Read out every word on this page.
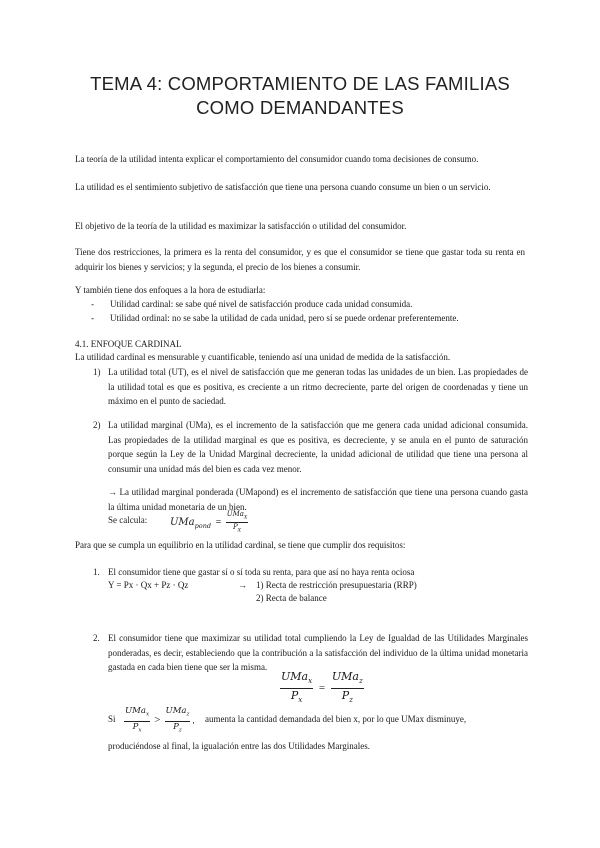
TEMA 4: COMPORTAMIENTO DE LAS FAMILIAS
COMO DEMANDANTES
La teoría de la utilidad intenta explicar el comportamiento del consumidor cuando toma decisiones de consumo.
La utilidad es el sentimiento subjetivo de satisfacción que tiene una persona cuando consume un bien o un servicio.
El objetivo de la teoría de la utilidad es maximizar la satisfacción o utilidad del consumidor.
Tiene dos restricciones, la primera es la renta del consumidor, y es que el consumidor se tiene que gastar toda su renta en adquirir los bienes y servicios; y la segunda, el precio de los bienes a consumir.
Y también tiene dos enfoques a la hora de estudiarla:
- Utilidad cardinal: se sabe qué nivel de satisfacción produce cada unidad consumida.
- Utilidad ordinal: no se sabe la utilidad de cada unidad, pero sí se puede ordenar preferentemente.
4.1. ENFOQUE CARDINAL
La utilidad cardinal es mensurable y cuantificable, teniendo así una unidad de medida de la satisfacción.
1) La utilidad total (UT), es el nivel de satisfacción que me generan todas las unidades de un bien. Las propiedades de la utilidad total es que es positiva, es creciente a un ritmo decreciente, parte del origen de coordenadas y tiene un máximo en el punto de saciedad.
2) La utilidad marginal (UMa), es el incremento de la satisfacción que me genera cada unidad adicional consumida. Las propiedades de la utilidad marginal es que es positiva, es decreciente, y se anula en el punto de saturación porque según la Ley de la Unidad Marginal decreciente, la unidad adicional de utilidad que tiene una persona al consumir una unidad más del bien es cada vez menor.
→ La utilidad marginal ponderada (UMapond) es el incremento de satisfacción que tiene una persona cuando gasta la última unidad monetaria de un bien.
Se calcula: $UMa_{pond} = \frac{UMa_X}{P_X}$
Para que se cumpla un equilibrio en la utilidad cardinal, se tiene que cumplir dos requisitos:
1. El consumidor tiene que gastar sí o sí toda su renta, para que así no haya renta ociosa
Y = Px · Qx + Pz · Qz	→ 1) Recta de restricción presupuestaria (RRP)
2) Recta de balance
2. El consumidor tiene que maximizar su utilidad total cumpliendo la Ley de Igualdad de las Utilidades Marginales ponderadas, es decir, estableciendo que la contribución a la satisfacción del individuo de la última unidad monetaria gastada en cada bien tiene que ser la misma.
$\frac{UMa_x}{P_x} = \frac{UMa_z}{P_z}$
Si $\frac{UMa_x}{P_x} > \frac{UMa_z}{P_z}$ , aumenta la cantidad demandada del bien x, por lo que UMax disminuye,
produciéndose al final, la igualación entre las dos Utilidades Marginales.
